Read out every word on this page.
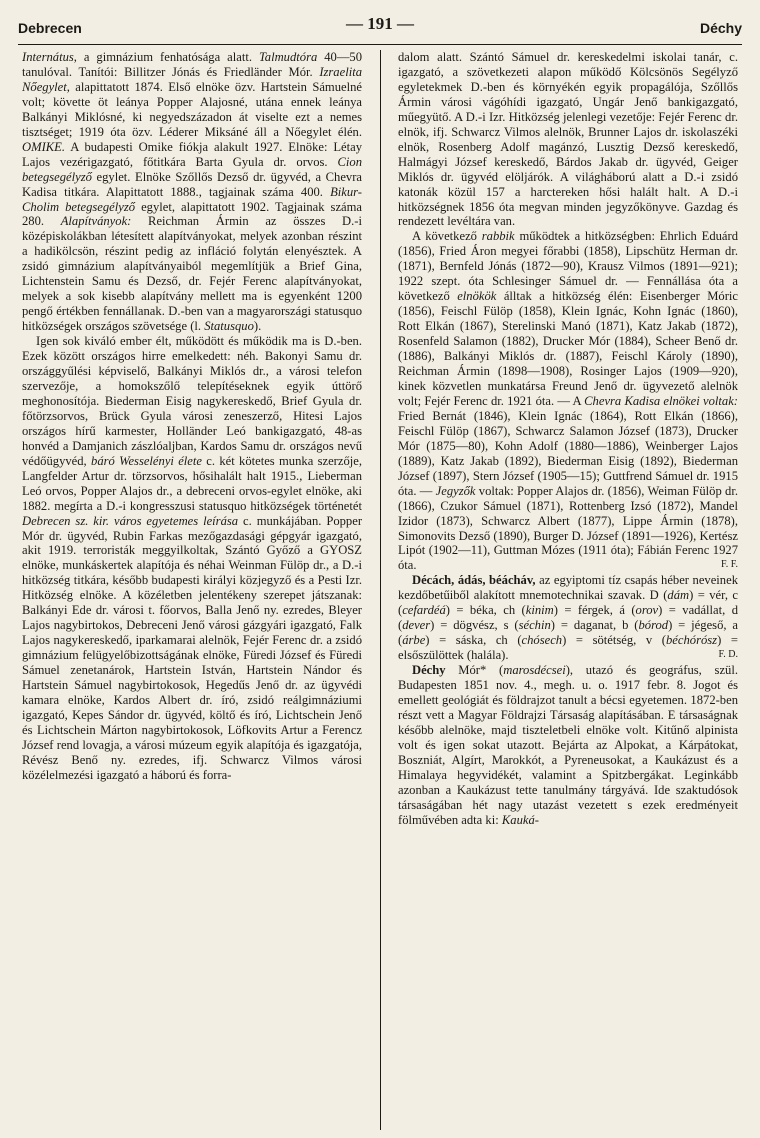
Debrecen	— 191 —	Déchy

Internátus, a gimnázium fenhatósága alatt. Talmudtóra 40—50 tanulóval. Tanítói: Billitzer Jónás és Friedländer Mór. Izraelita Nőegylet, alapittatott 1874. Első elnöke özv. Hartstein Sámuelné volt; követte öt leánya Popper Alajosné, utána ennek leánya Balkányi Miklósné, ki negyedszázadon át viselte ezt a nemes tisztséget; 1919 óta özv. Léderer Miksáné áll a Nőegylet élén. OMIKE. A budapesti Omike fiókja alakult 1927. Elnöke: Létay Lajos vezérigazgató, főtitkára Barta Gyula dr. orvos. Cion betegsegélyző egylet. Elnöke Szőllős Dezső dr. ügyvéd, a Chevra Kadisa titkára. Alapittatott 1888., tagjainak száma 400. Bikur-Cholim betegsegélyző egylet, alapittatott 1902. Tagjainak száma 280. Alapítványok: Reichman Ármin az összes D.-i középiskolákban létesített alapítványokat, melyek azonban részint a hadikölcsön, részint pedig az infláció folytán elenyésztek. A zsidó gimnázium alapítványaiból megemlítjük a Brief Gina, Lichtenstein Samu és Dezső, dr. Fejér Ferenc alapítványokat, melyek a sok kisebb alapítvány mellett ma is egyenként 1200 pengő értékben fennállanak. D.-ben van a magyarországi statusquo hitközségek országos szövetsége (l. Statusquo).

Igen sok kiváló ember élt, működött és működik ma is D.-ben. Ezek között országos hirre emelkedett: néh. Bakonyi Samu dr. országgyűlési képviselő, Balkányi Miklós dr., a városi telefon szervezője, a homokszőlő telepítéseknek egyik úttörő meghonosítója. Biederman Eisig nagykereskedő, Brief Gyula dr. főtörzsorvos, Brück Gyula városi zeneszerző, Hitesi Lajos országos hírű karmester, Holländer Leó bankigazgató, 48-as honvéd a Damjanich zászlóaljban, Kardos Samu dr. országos nevű védőügyvéd, báró Wesselényi élete c. két kötetes munka szerzője, Langfelder Artur dr. törzsorvos, hősihalált halt 1915., Lieberman Leó orvos, Popper Alajos dr., a debreceni orvos-egylet elnöke, aki 1882. megírta a D.-i kongresszusi statusquo hitközségek történetét Debrecen sz. kir. város egyetemes leírása c. munkájában. Popper Mór dr. ügyvéd, Rubin Farkas mezőgazdasági gépgyár igazgató, akit 1919. terroristák meggyilkoltak, Szántó Győző a GYOSZ elnöke, munkáskertek alapítója és néhai Weinman Fülöp dr., a D.-i hitközség titkára, később budapesti királyi közjegyző és a Pesti Izr. Hitközség elnöke. A közéletben jelentékeny szerepet játszanak: Balkányi Ede dr. városi t. főorvos, Balla Jenő ny. ezredes, Bleyer Lajos nagybirtokos, Debreceni Jenő városi gázgyári igazgató, Falk Lajos nagykereskedő, iparkamarai alelnök, Fejér Ferenc dr. a zsidó gimnázium felügyelőbizottságának elnöke, Füredi József és Füredi Sámuel zenetanárok, Hartstein István, Hartstein Nándor és Hartstein Sámuel nagybirtokosok, Hegedűs Jenő dr. az ügyvédi kamara elnöke, Kardos Albert dr. író, zsidó reálgimnáziumi igazgató, Kepes Sándor dr. ügyvéd, költő és író, Lichtschein Jenő és Lichtschein Márton nagybirtokosok, Löfkovits Artur a Ferencz József rend lovagja, a városi múzeum egyik alapítója és igazgatója, Révész Benő ny. ezredes, ifj. Schwarcz Vilmos városi közélelmezési igazgató a háború és forra-

dalom alatt. Szántó Sámuel dr. kereskedelmi iskolai tanár, c. igazgató, a szövetkezeti alapon működő Kölcsönös Segélyző egyletekmek D.-ben és környékén egyik propagálója, Szőllős Ármin városi vágóhídi igazgató, Ungár Jenő bankigazgató, műegyütő. A D.-i Izr. Hitközség jelenlegi vezetője: Fejér Ferenc dr. elnök, ifj. Schwarcz Vilmos alelnök, Brunner Lajos dr. iskolaszéki elnök, Rosenberg Adolf magánzó, Lusztig Dezső kereskedő, Halmágyi József kereskedő, Bárdos Jakab dr. ügyvéd, Geiger Miklós dr. ügyvéd elöljárók. A világháború alatt a D.-i zsidó katonák közül 157 a harctereken hősi halált halt. A D.-i hitközségnek 1856 óta megvan minden jegyzőkönyve. Gazdag és rendezett levéltára van.

A következő rabbik működtek a hitközségben: Ehrlich Eduárd (1856), Fried Áron megyei főrabbi (1858), Lipschütz Herman dr. (1871), Bernfeld Jónás (1872—90), Krausz Vilmos (1891—921); 1922 szept. óta Schlesinger Sámuel dr. — Fennállása óta a következő elnökök álltak a hitközség élén: Eisenberger Móric (1856), Feischl Fülöp (1858), Klein Ignác, Kohn Ignác (1860), Rott Elkán (1867), Sterelinski Manó (1871), Katz Jakab (1872), Rosenfeld Salamon (1882), Drucker Mór (1884), Scheer Benő dr. (1886), Balkányi Miklós dr. (1887), Feischl Károly (1890), Reichman Ármin (1898—1908), Rosinger Lajos (1909—920), kinek közvetlen munkatársa Freund Jenő dr. ügyvezető alelnök volt; Fejér Ferenc dr. 1921 óta. — A Chevra Kadisa elnökei voltak: Fried Bernát (1846), Klein Ignác (1864), Rott Elkán (1866), Feischl Fülöp (1867), Schwarcz Salamon József (1873), Drucker Mór (1875—80), Kohn Adolf (1880—1886), Weinberger Lajos (1889), Katz Jakab (1892), Biederman Eisig (1892), Biederman József (1897), Stern József (1905—15); Guttfrend Sámuel dr. 1915 óta. — Jegyzők voltak: Popper Alajos dr. (1856), Weiman Fülöp dr. (1866), Czukor Sámuel (1871), Rottenberg Izsó (1872), Mandel Izidor (1873), Schwarcz Albert (1877), Lippe Ármin (1878), Simonovits Dezső (1890), Burger D. József (1891—1926), Kertész Lipót (1902—11), Guttman Mózes (1911 óta); Fábián Ferenc 1927 óta.	F. F.

Décách, ádás, béácháv, az egyiptomi tíz csapás héber neveinek kezdőbetűiből alakított mnemotechnikai szavak. D (dám) = vér, c (cefardéá) = béka, ch (kinim) = férgek, á (orov) = vadállat, d (dever) = dögvész, s (séchin) = daganat, b (bórod) = jégeső, a (árbe) = sáska, ch (chósech) = sötétség, v (béchórósz) = elsőszülöttek (halála).	F. D.

Déchy Mór* (marosdécsei), utazó és geográfus, szül. Budapesten 1851 nov. 4., megh. u. o. 1917 febr. 8. Jogot és emellett geológiát és földrajzot tanult a bécsi egyetemen. 1872-ben részt vett a Magyar Földrajzi Társaság alapításában. E társaságnak később alelnöke, majd tiszteletbeli elnöke volt. Kitűnő alpinista volt és igen sokat utazott. Bejárta az Alpokat, a Kárpátokat, Boszniát, Algírt, Marokkót, a Pyreneusokat, a Kaukázust és a Himalaya hegyvidékét, valamint a Spitzbergákat. Leginkább azonban a Kaukázust tette tanulmány tárgyává. Ide szaktudósok társaságában hét nagy utazást vezetett s ezek eredményeit fölművében adta ki: Kauká-
